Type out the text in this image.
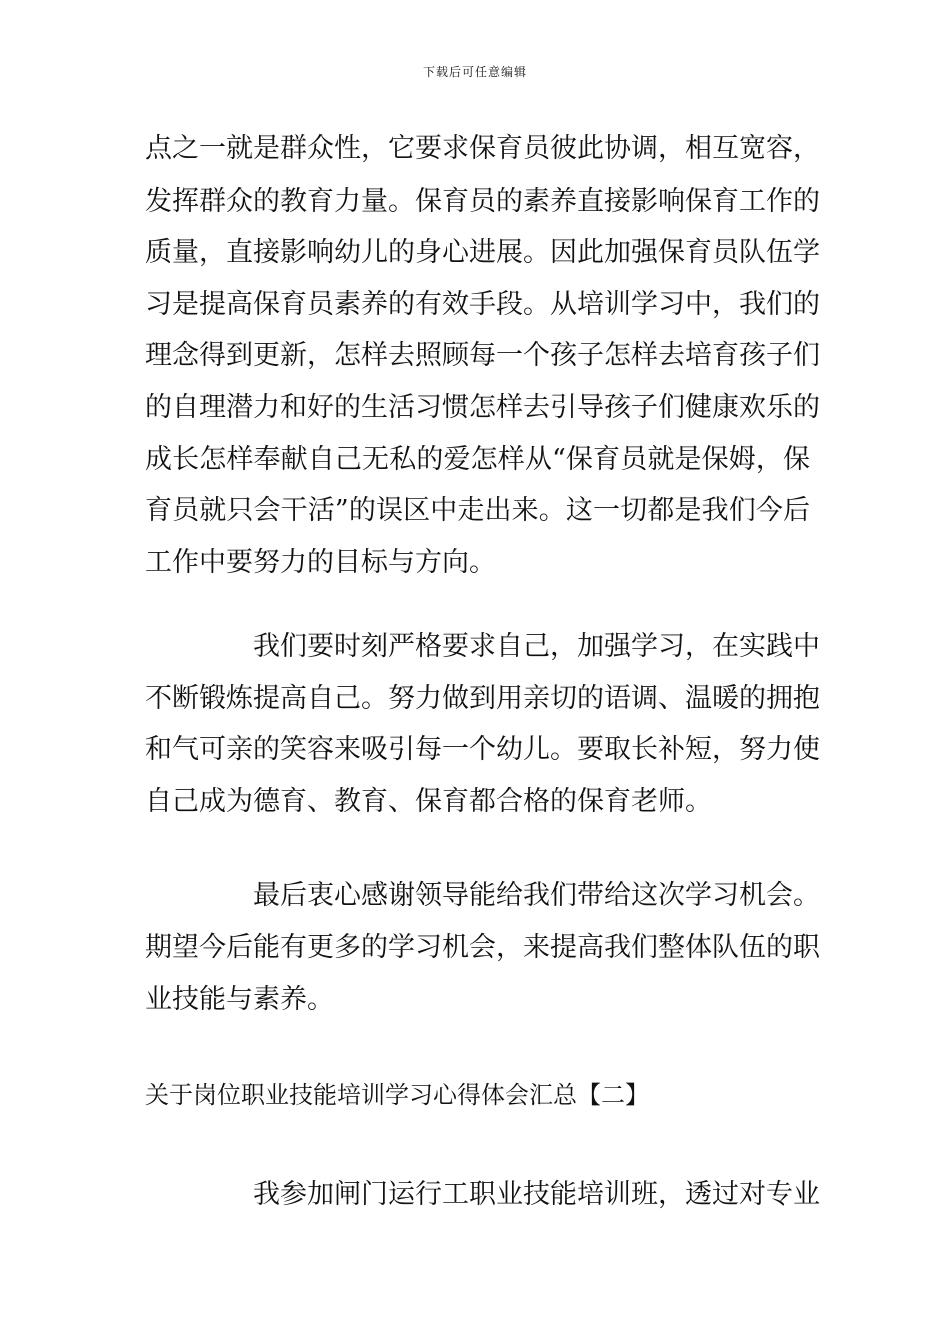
下载后可任意编辑
点之一就是群众性，它要求保育员彼此协调，相互宽容，
发挥群众的教育力量。保育员的素养直接影响保育工作的
质量，直接影响幼儿的身心进展。因此加强保育员队伍学
习是提高保育员素养的有效手段。从培训学习中，我们的
理念得到更新，怎样去照顾每一个孩子怎样去培育孩子们
的自理潜力和好的生活习惯怎样去引导孩子们健康欢乐的
成长怎样奉献自己无私的爱怎样从“保育员就是保姆，保
育员就只会干活”的误区中走出来。这一切都是我们今后
工作中要努力的目标与方向。
我们要时刻严格要求自己，加强学习，在实践中
不断锻炼提高自己。努力做到用亲切的语调、温暖的拥抱
和气可亲的笑容来吸引每一个幼儿。要取长补短，努力使
自己成为德育、教育、保育都合格的保育老师。
最后衷心感谢领导能给我们带给这次学习机会。
期望今后能有更多的学习机会，来提高我们整体队伍的职
业技能与素养。
关于岗位职业技能培训学习心得体会汇总【二】
我参加闸门运行工职业技能培训班，透过对专业
